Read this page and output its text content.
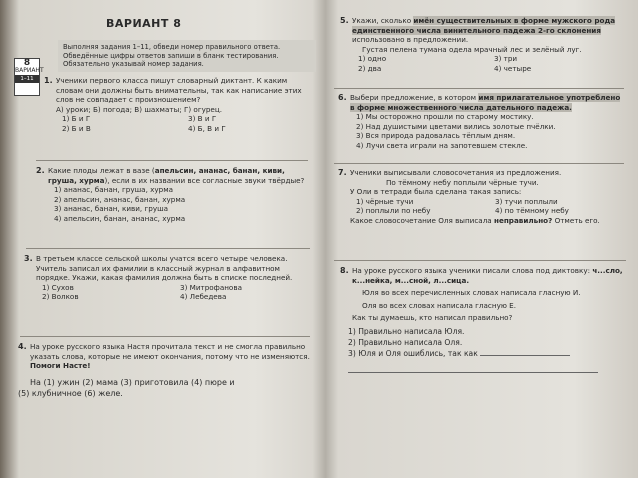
ВАРИАНТ 8
8
ВАРИАНТ
1–11
Выполняя задания 1–11, обведи номер правильного ответа. Обведённые цифры ответов запиши в бланк тестирования. Обязательно указывай номер задания.
1. Ученики первого класса пишут словарный диктант. К каким словам они должны быть внимательны, так как написание этих слов не совпадает с произношением?
А) уроки; Б) погода; В) шахматы; Г) огурец.
1) Б и Г	3) В и Г
2) Б и В	4) Б, В и Г
2. Какие плоды лежат в вазе (апельсин, ананас, банан, киви, груша, хурма), если в их названии все согласные звуки твёрдые?
1) ананас, банан, груша, хурма
2) апельсин, ананас, банан, хурма
3) ананас, банан, киви, груша
4) апельсин, банан, ананас, хурма
3. В третьем классе сельской школы учатся всего четыре человека. Учитель записал их фамилии в классный журнал в алфавитном порядке. Укажи, какая фамилия должна быть в списке последней.
1) Сухов	3) Митрофанова
2) Волков	4) Лебедева
4. На уроке русского языка Настя прочитала текст и не смогла правильно указать слова, которые не имеют окончания, потому что не изменяются. Помоги Насте!
На (1) ужин (2) мама (3) приготовила (4) пюре и
(5) клубничное (6) желе.
5. Укажи, сколько имён существительных в форме мужского рода единственного числа винительного падежа 2-го склонения использовано в предложении.
Густая пелена тумана одела мрачный лес и зелёный луг.
1) одно	3) три
2) два	4) четыре
6. Выбери предложение, в котором имя прилагательное употреблено в форме множественного числа дательного падежа.
1) Мы осторожно прошли по старому мостику.
2) Над душистыми цветами вились золотые пчёлки.
3) Вся природа радовалась тёплым дням.
4) Лучи света играли на запотевшем стекле.
7. Ученики выписывали словосочетания из предложения.
По тёмному небу поплыли чёрные тучи.
У Оли в тетради была сделана такая запись:
1) чёрные тучи	3) тучи поплыли
2) поплыли по небу	4) по тёмному небу
Какое словосочетание Оля выписала неправильно? Отметь его.
8. На уроке русского языка ученики писали слова под диктовку: ч...сло, к...нейка, м...сной, л...сица.
Юля во всех перечисленных словах написала гласную И.
Оля во всех словах написала гласную Е.
Как ты думаешь, кто написал правильно?
1) Правильно написала Юля.
2) Правильно написала Оля.
3) Юля и Оля ошиблись, так как
